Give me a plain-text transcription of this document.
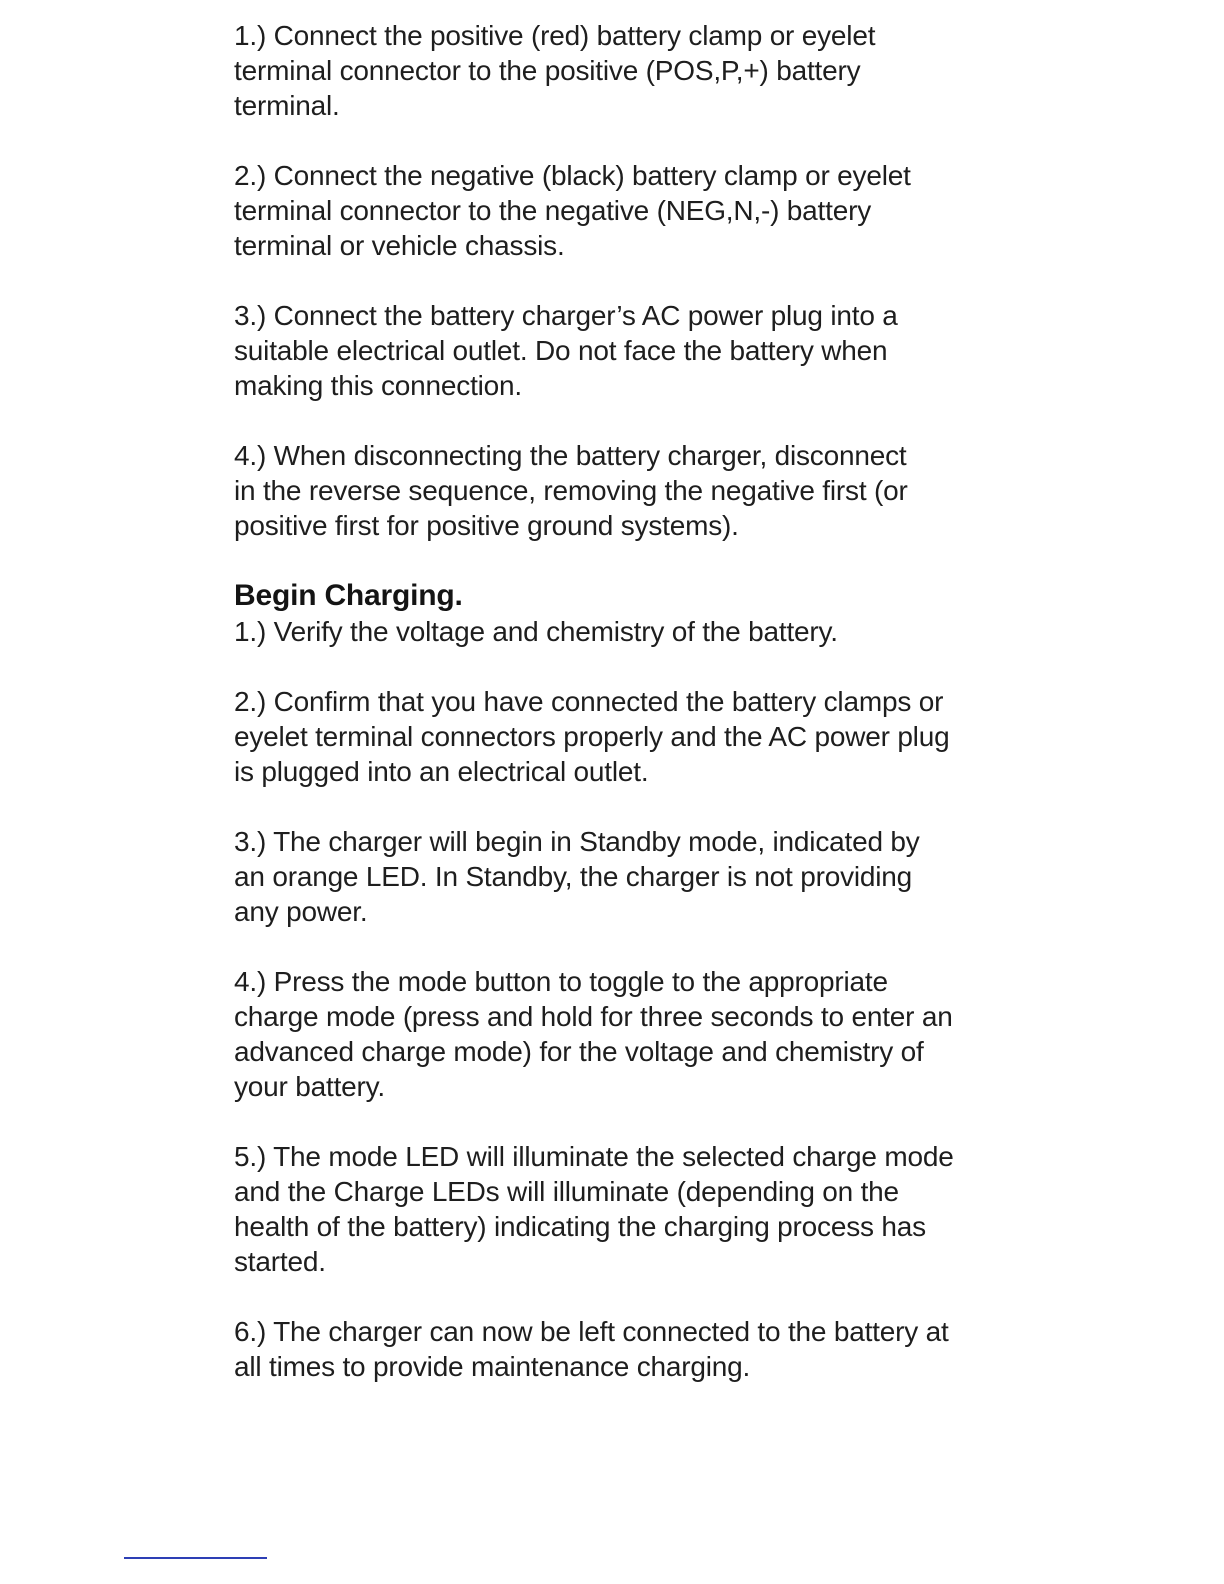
1.) Connect the positive (red) battery clamp or eyelet
terminal connector to the positive (POS,P,+) battery
terminal.

2.) Connect the negative (black) battery clamp or eyelet
terminal connector to the negative (NEG,N,-) battery
terminal or vehicle chassis.

3.) Connect the battery charger’s AC power plug into a
suitable electrical outlet. Do not face the battery when
making this connection.

4.) When disconnecting the battery charger, disconnect
in the reverse sequence, removing the negative first (or
positive first for positive ground systems).

Begin Charging.

1.) Verify the voltage and chemistry of the battery.

2.) Confirm that you have connected the battery clamps or
eyelet terminal connectors properly and the AC power plug
is plugged into an electrical outlet.

3.) The charger will begin in Standby mode, indicated by
an orange LED. In Standby, the charger is not providing
any power.

4.) Press the mode button to toggle to the appropriate
charge mode (press and hold for three seconds to enter an
advanced charge mode) for the voltage and chemistry of
your battery.

5.) The mode LED will illuminate the selected charge mode
and the Charge LEDs will illuminate (depending on the
health of the battery) indicating the charging process has
started.

6.) The charger can now be left connected to the battery at
all times to provide maintenance charging.
